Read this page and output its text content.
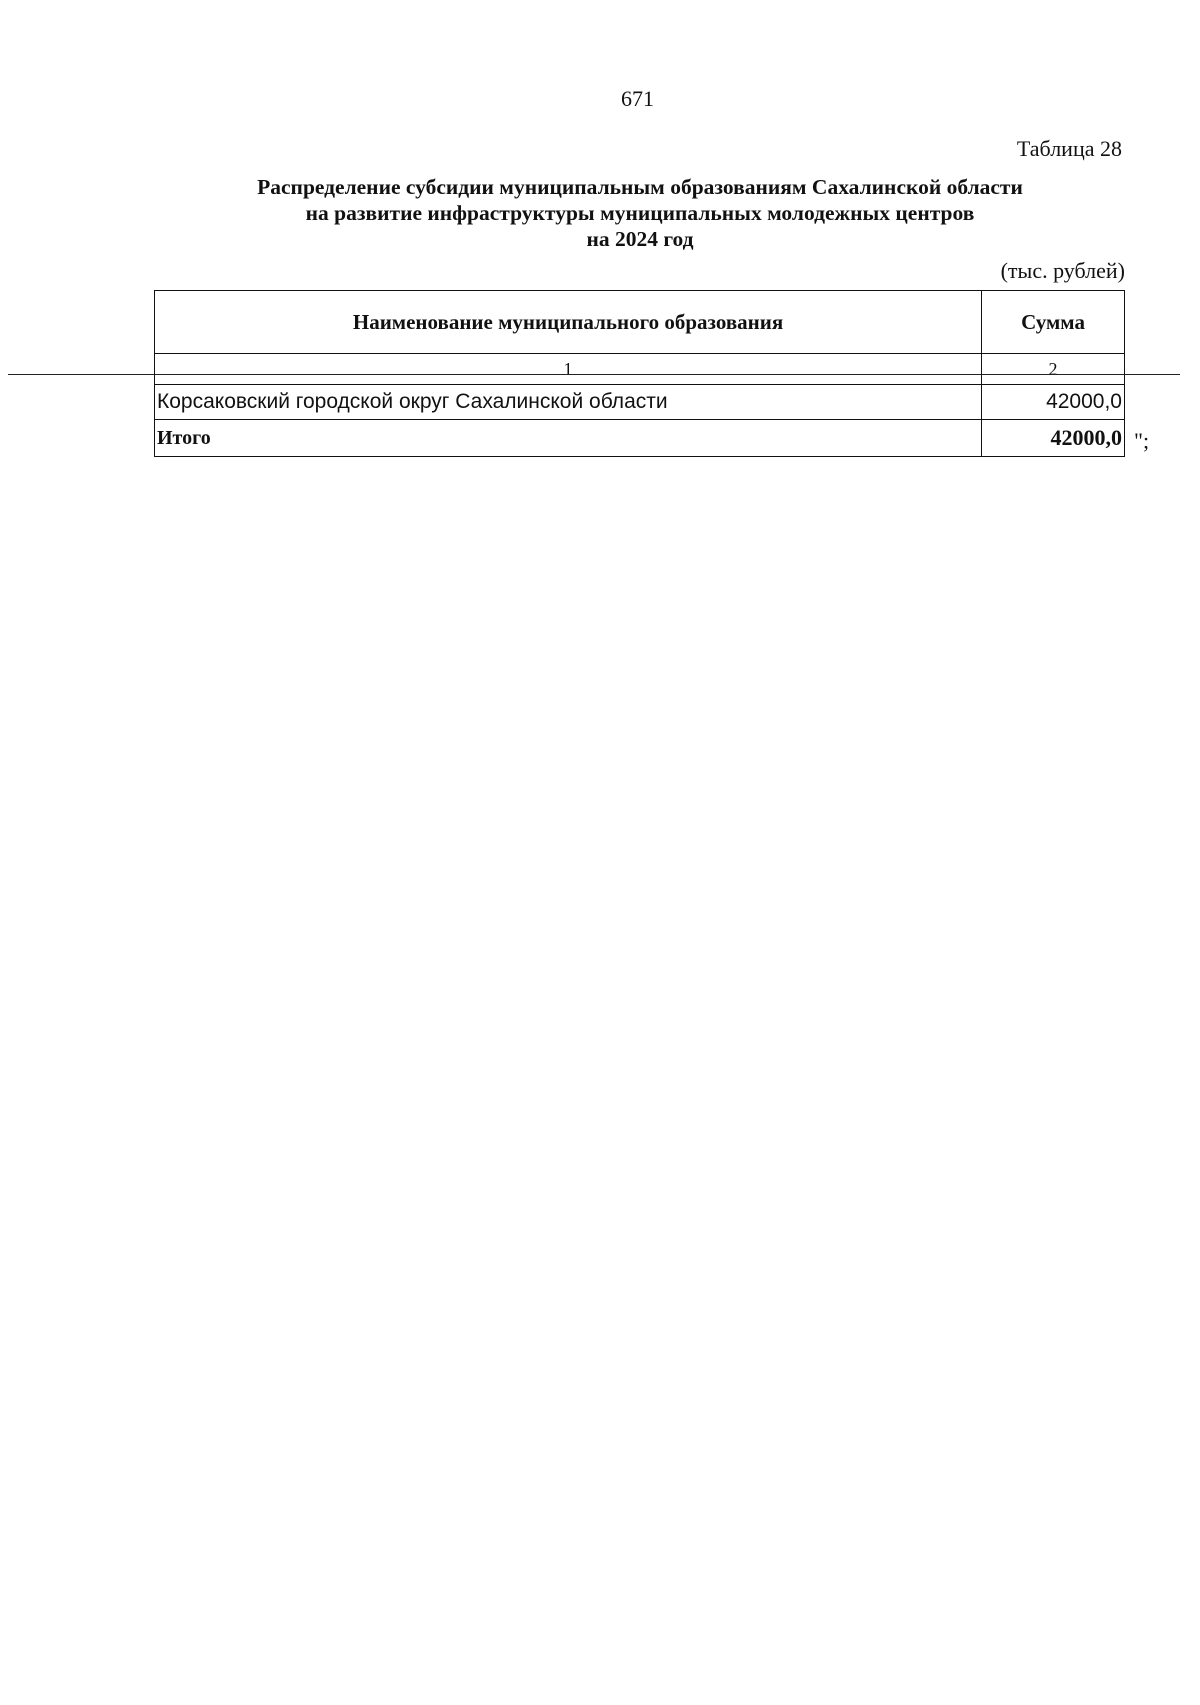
671
Таблица 28
Распределение субсидии муниципальным образованиям Сахалинской области
на развитие инфраструктуры муниципальных молодежных центров
на 2024 год
(тыс. рублей)
Наименование муниципального образования	Сумма
1	2
Корсаковский городской округ Сахалинской области	42000,0
Итого	42000,0 ";
